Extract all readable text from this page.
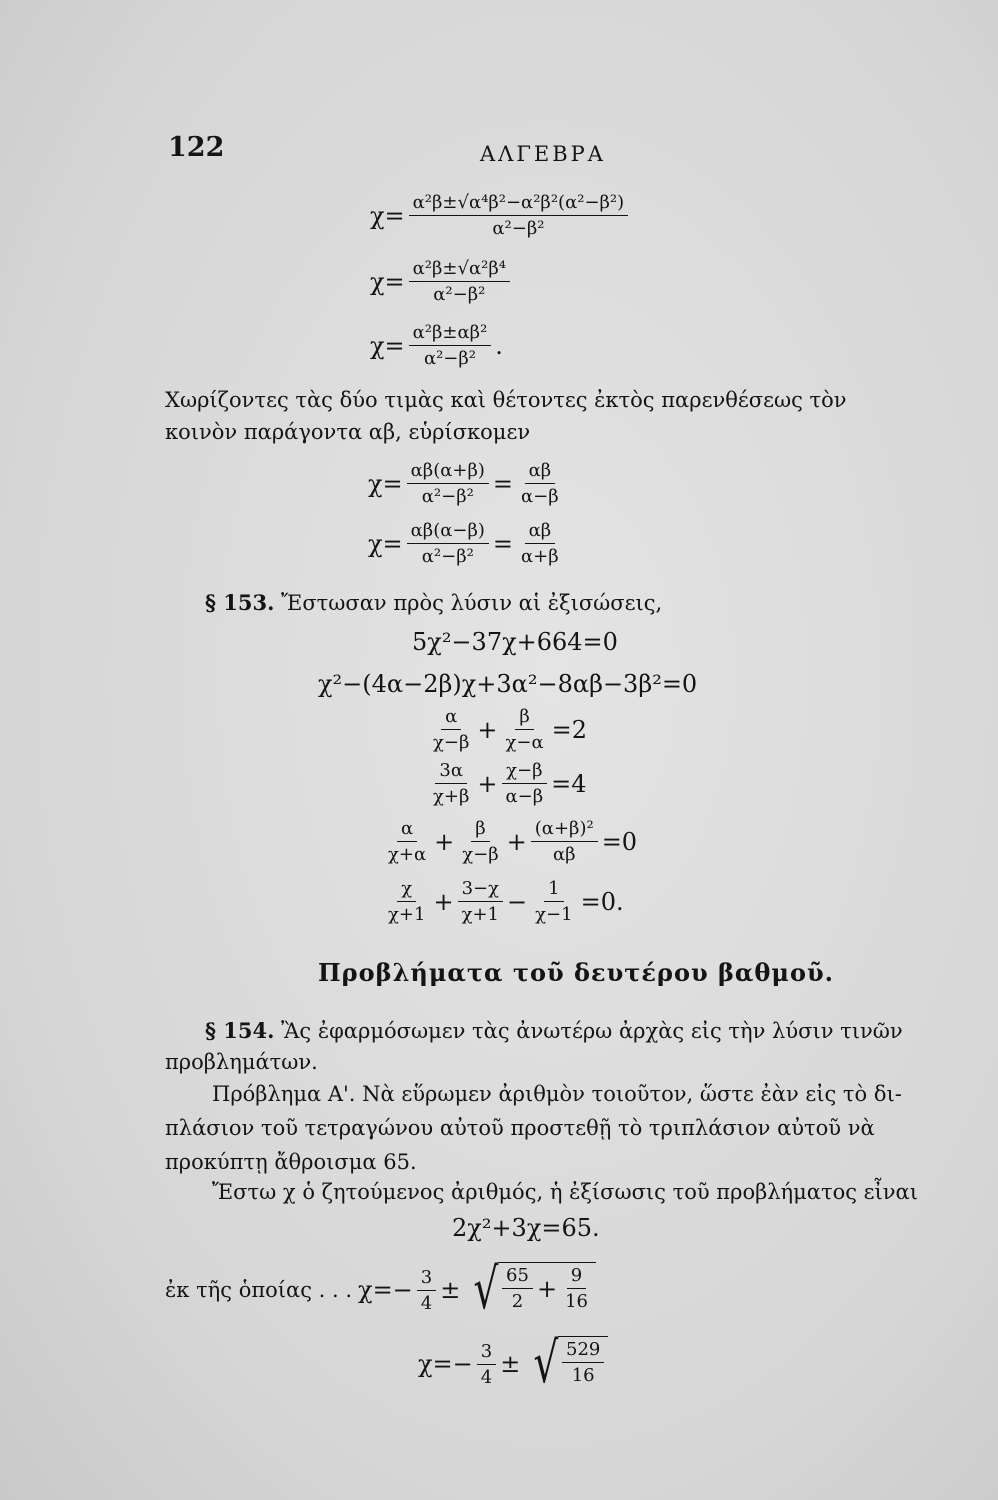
122	ΑΛΓΕΒΡΑ
$\chi= \frac{\text{α²β±√α⁴β²−α²β²(α²−β²)}}{\text{α²−β²}}$
$\chi= \frac{\text{α²β±√α²β⁴}}{\text{α²−β²}}$
$\chi= \frac{\text{α²β±αβ²}}{\text{α²−β²}}$ .
Χωρίζοντες τὰς δύο τιμὰς καὶ θέτοντες ἐκτὸς παρενθέσεως τὸν
κοινὸν παράγοντα αβ, εὑρίσκομεν
$\chi= \frac{\alpha\beta(\alpha+\beta)}{\text{α²−β²}} = \frac{\alpha\beta}{\alpha-\beta}$
$\chi= \frac{\alpha\beta(\alpha-\beta)}{\text{α²−β²}} = \frac{\alpha\beta}{\alpha+\beta}$
§ 153. Ἔστωσαν πρὸς λύσιν αἱ ἐξισώσεις,
5χ²−37χ+664=0
χ²−(4α−2β)χ+3α²−8αβ−3β²=0
$\frac{\alpha}{\chi-\beta} + \frac{\beta}{\chi-\alpha} =2$
$\frac{3\alpha}{\chi+\beta} + \frac{\chi-\beta}{\alpha-\beta} =4$
$\frac{\alpha}{\chi+\alpha} + \frac{\beta}{\chi-\beta} + \frac{\text{(α+β)²}}{\alpha\beta} =0$
$\frac{\chi}{\chi+1} + \frac{3-\chi}{\chi+1} - \frac{1}{\chi-1} =0$.
Προβλήματα τοῦ δευτέρου βαθμοῦ.
§ 154. Ἂς ἐφαρμόσωμεν τὰς ἀνωτέρω ἀρχὰς εἰς τὴν λύσιν τινῶν
προβλημάτων.
Πρόβλημα Α'. Νὰ εὕρωμεν ἀριθμὸν τοιοῦτον, ὥστε ἐὰν εἰς τὸ δι-
πλάσιον τοῦ τετραγώνου αὐτοῦ προστεθῇ τὸ τριπλάσιον αὐτοῦ νὰ
προκύπτῃ ἄθροισμα 65.
Ἔστω χ ὁ ζητούμενος ἀριθμός, ἡ ἐξίσωσις τοῦ προβλήματος εἶναι
2χ²+3χ=65.
ἐκ τῆς ὁποίας . . . $\chi=- \frac{3}{4}$ ± √ $\frac{65}{2} + \frac{9}{16}$
$\chi=- \frac{3}{4}$ ± √ $\frac{529}{16}$
